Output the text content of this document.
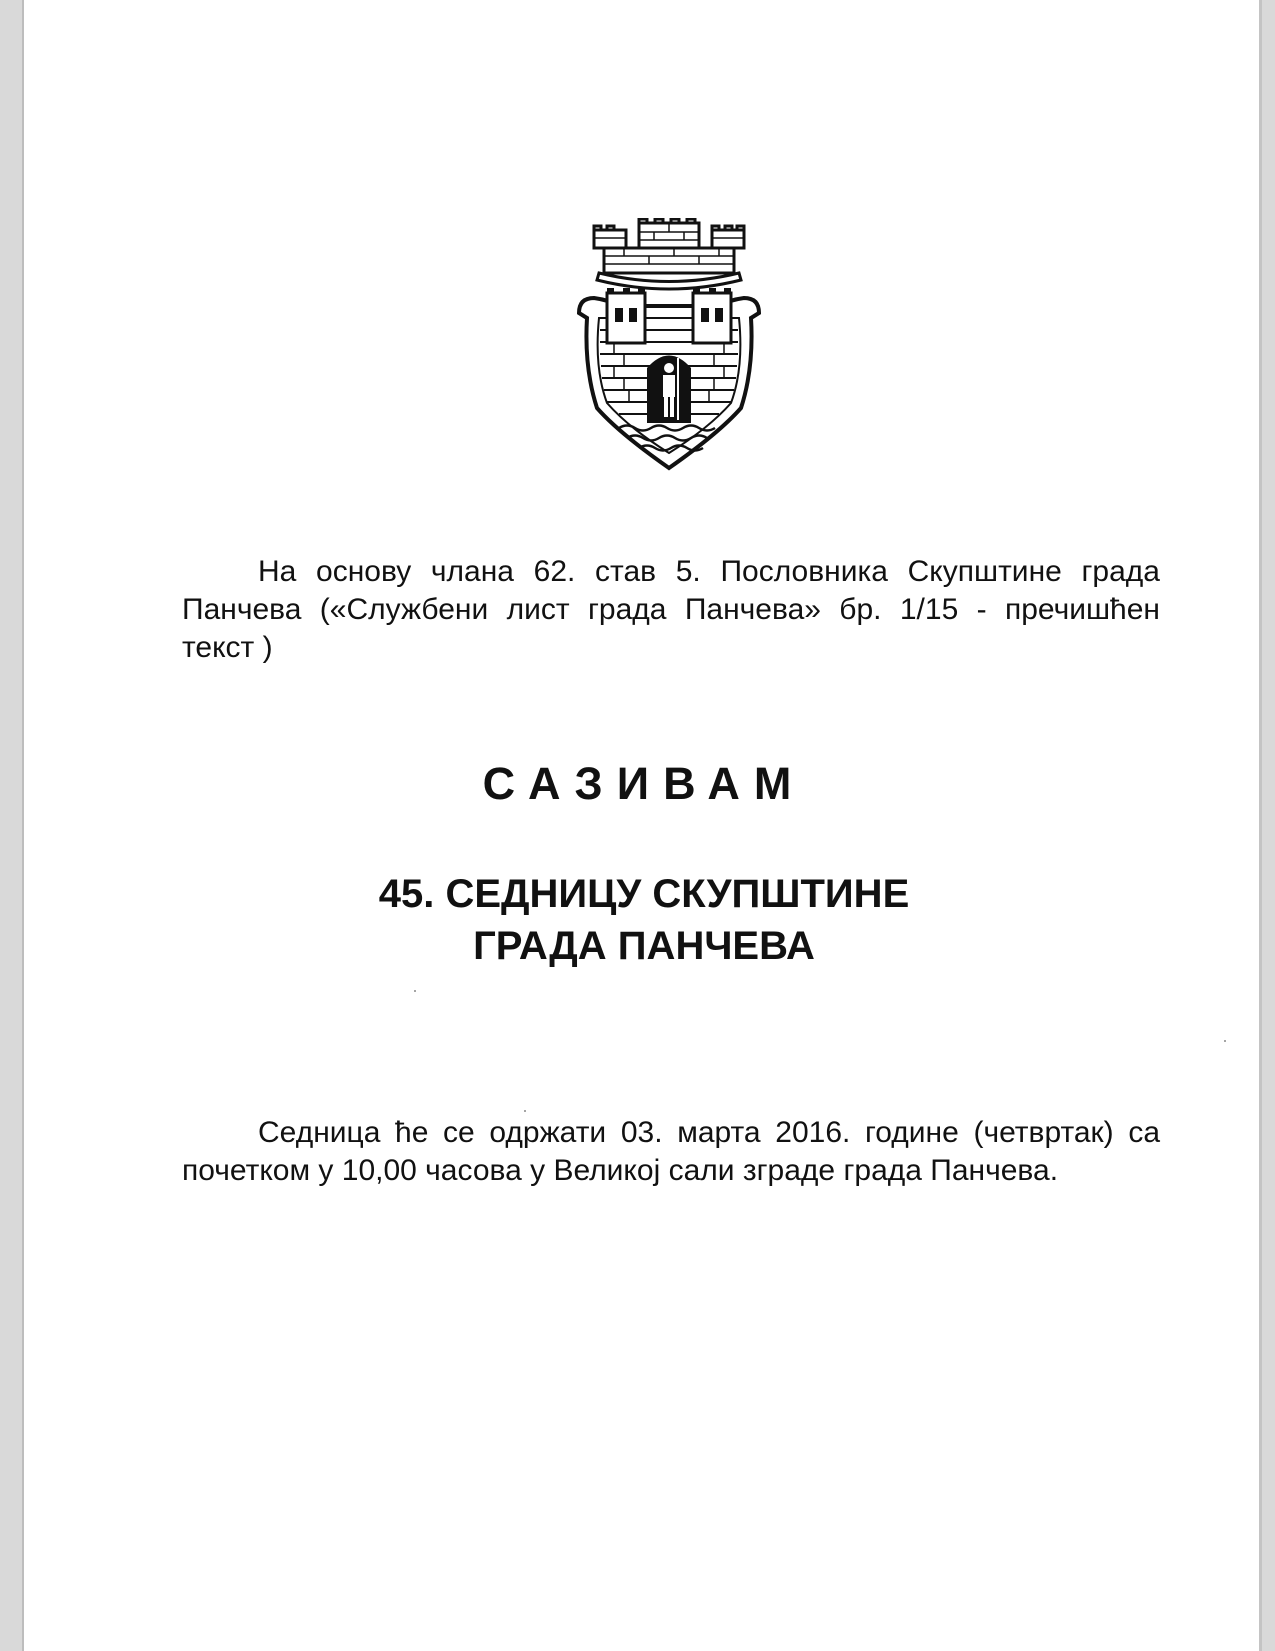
На основу члана 62. став 5. Пословника Скупштине града Панчева («Службени лист града Панчева» бр. 1/15 - пречишћен текст )

САЗИВАМ
45. СЕДНИЦУ СКУПШТИНЕ
ГРАДА ПАНЧЕВА

Седница ће се одржати 03. марта 2016. године (четвртак) са почетком у 10,00 часова у Великој сали зграде града Панчева.
